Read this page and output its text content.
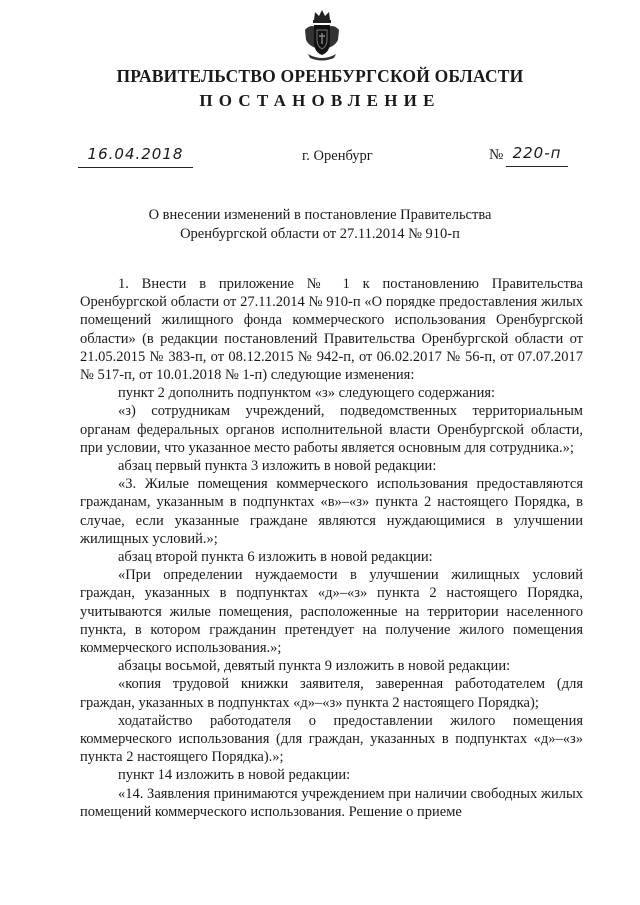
ПРАВИТЕЛЬСТВО ОРЕНБУРГСКОЙ ОБЛАСТИ
ПОСТАНОВЛЕНИЕ
16.04.2018	г. Оренбург	№ 220-п
О внесении изменений в постановление Правительства
Оренбургской области от 27.11.2014 № 910-п

1. Внести в приложение № 1 к постановлению Правительства Оренбургской области от 27.11.2014 № 910-п «О порядке предоставления жилых помещений жилищного фонда коммерческого использования Оренбургской области» (в редакции постановлений Правительства Оренбургской области от 21.05.2015 № 383-п, от 08.12.2015 № 942-п, от 06.02.2017 № 56-п, от 07.07.2017 № 517-п, от 10.01.2018 № 1-п) следующие изменения:

пункт 2 дополнить подпунктом «з» следующего содержания:

«з) сотрудникам учреждений, подведомственных территориальным органам федеральных органов исполнительной власти Оренбургской области, при условии, что указанное место работы является основным для сотрудника.»;

абзац первый пункта 3 изложить в новой редакции:

«3. Жилые помещения коммерческого использования предоставляются гражданам, указанным в подпунктах «в»–«з» пункта 2 настоящего Порядка, в случае, если указанные граждане являются нуждающимися в улучшении жилищных условий.»;

абзац второй пункта 6 изложить в новой редакции:

«При определении нуждаемости в улучшении жилищных условий граждан, указанных в подпунктах «д»–«з» пункта 2 настоящего Порядка, учитываются жилые помещения, расположенные на территории населенного пункта, в котором гражданин претендует на получение жилого помещения коммерческого использования.»;

абзацы восьмой, девятый пункта 9 изложить в новой редакции:

«копия трудовой книжки заявителя, заверенная работодателем (для граждан, указанных в подпунктах «д»–«з» пункта 2 настоящего Порядка);

ходатайство работодателя о предоставлении жилого помещения коммерческого использования (для граждан, указанных в подпунктах «д»–«з» пункта 2 настоящего Порядка).»;

пункт 14 изложить в новой редакции:

«14. Заявления принимаются учреждением при наличии свободных жилых помещений коммерческого использования. Решение о приеме
